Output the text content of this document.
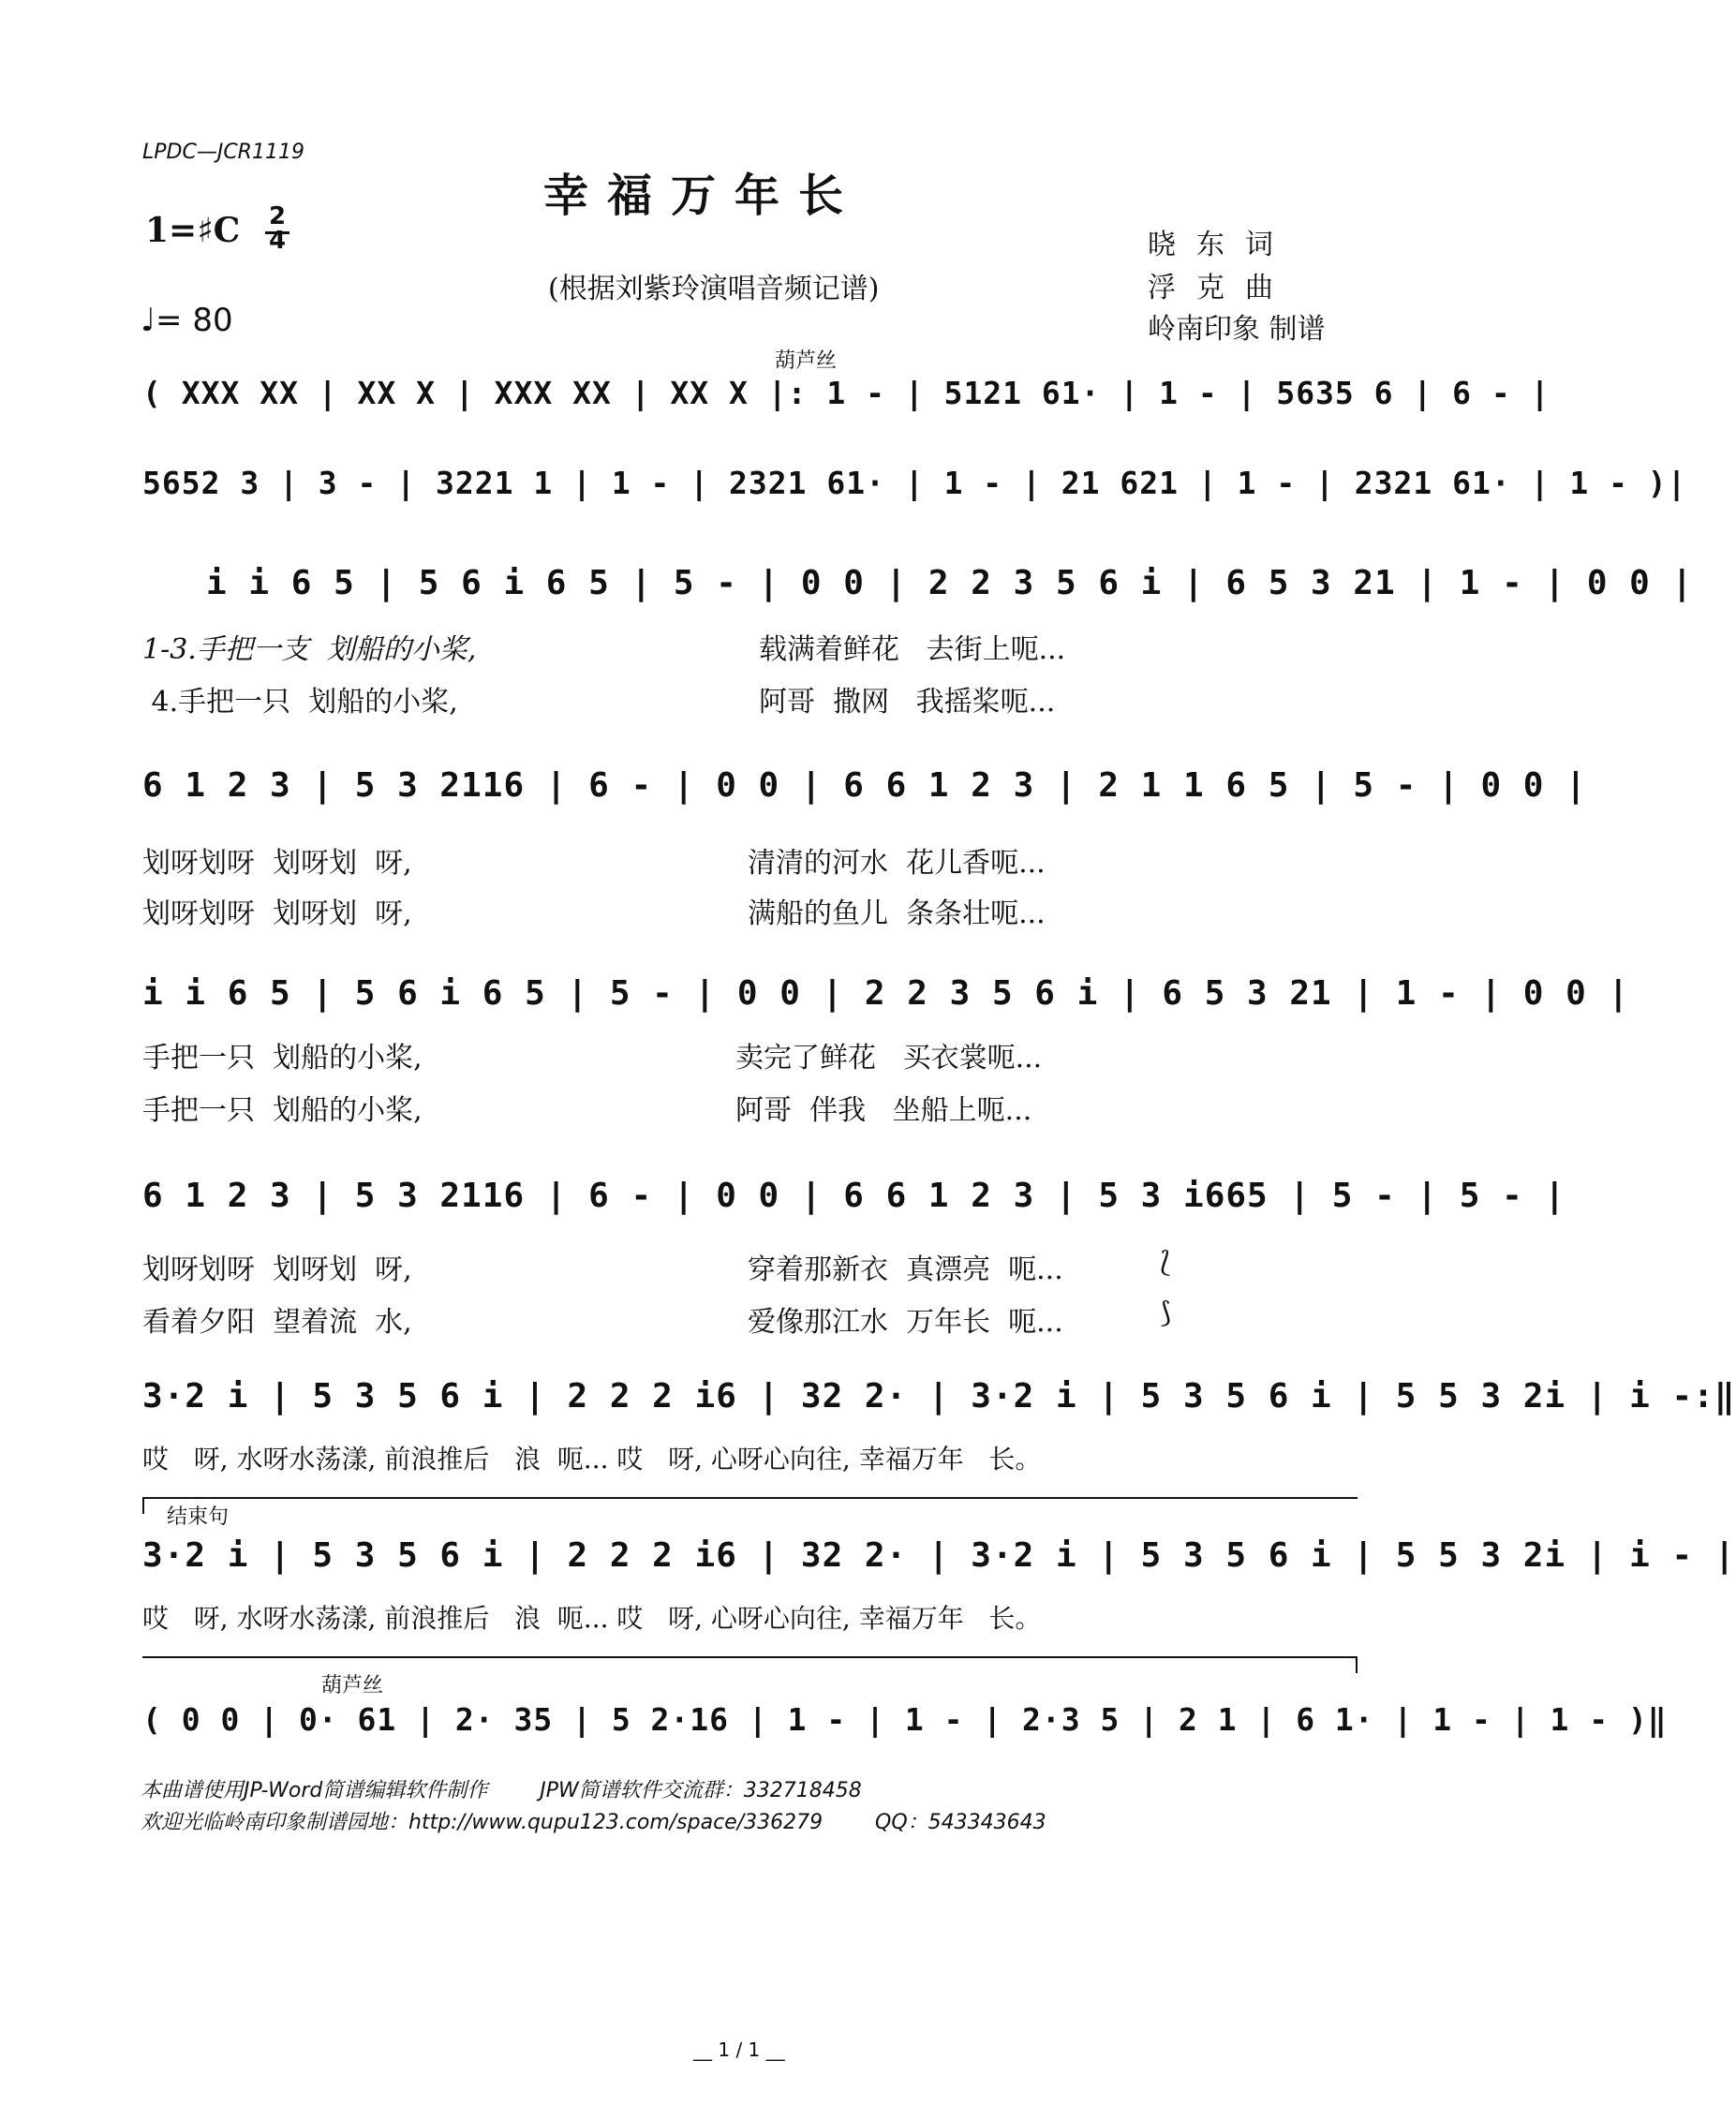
LPDC—JCR1119
幸福万年长
1=♯C 2
4
♩= 80
(根据刘紫玲演唱音频记谱)
晓东词
浮克曲
岭南印象 制谱
葫芦丝
( XXX XX | XX X | XXX XX | XX X |: 1 - | 5121 61· | 1 - | 5635 6 | 6 - |
5652 3 | 3 - | 3221 1 | 1 - | 2321 61· | 1 - | 21 621 | 1 - | 2321 61· | 1 - )|
i i 6 5 | 5 6 i 6 5 | 5 - | 0 0 | 2 2 3 5 6 i | 6 5 3 21 | 1 - | 0 0 |
1-3.手把一支  划船的小桨,	载满着鲜花   去街上呃...
4.手把一只  划船的小桨,	阿哥  撒网   我摇桨呃...
6 1 2 3 | 5 3 2116 | 6 - | 0 0 | 6 6 1 2 3 | 2 1 1 6 5 | 5 - | 0 0 |
划呀划呀  划呀划  呀,	清清的河水  花儿香呃...
划呀划呀  划呀划  呀,	满船的鱼儿  条条壮呃...
i i 6 5 | 5 6 i 6 5 | 5 - | 0 0 | 2 2 3 5 6 i | 6 5 3 21 | 1 - | 0 0 |
手把一只  划船的小桨,	卖完了鲜花   买衣裳呃...
手把一只  划船的小桨,	阿哥  伴我   坐船上呃...
6 1 2 3 | 5 3 2116 | 6 - | 0 0 | 6 6 1 2 3 | 5 3 i665 | 5 - | 5 - |
划呀划呀  划呀划  呀,	穿着那新衣  真漂亮  呃...
看着夕阳  望着流  水,	爱像那江水  万年长  呃...
⟅
⟆
3·2 i | 5 3 5 6 i | 2 2 2 i6 | 32 2· | 3·2 i | 5 3 5 6 i | 5 5 3 2i | i -:‖
哎   呀, 水呀水荡漾, 前浪推后   浪  呃... 哎   呀, 心呀心向往, 幸福万年   长。
结束句
3·2 i | 5 3 5 6 i | 2 2 2 i6 | 32 2· | 3·2 i | 5 3 5 6 i | 5 5 3 2i | i - |
哎   呀, 水呀水荡漾, 前浪推后   浪  呃... 哎   呀, 心呀心向往, 幸福万年   长。
葫芦丝
( 0 0 | 0· 61 | 2· 35 | 5 2·16 | 1 - | 1 - | 2·3 5 | 2 1 | 6 1· | 1 - | 1 - )‖
本曲谱使用JP-Word简谱编辑软件制作        JPW简谱软件交流群：332718458
欢迎光临岭南印象制谱园地：http://www.qupu123.com/space/336279        QQ：543343643
__ 1 / 1 __
